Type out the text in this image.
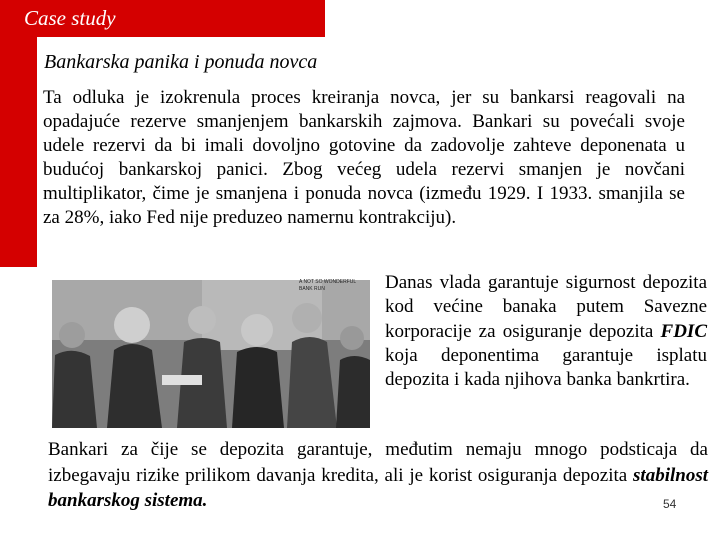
Case study
Bankarska panika i ponuda novca
Ta odluka je izokrenula proces kreiranja novca, jer su bankarsi reagovali na opadajuće rezerve smanjenjem bankarskih zajmova. Bankari su povećali svoje udele rezervi da bi imali dovoljno gotovine da zadovolje zahteve deponenata u budućoj bankarskoj panici. Zbog većeg udela rezervi smanjen je novčani multiplikator, čime je smanjena i ponuda novca (između 1929. I 1933. smanjila se za 28%, iako Fed nije preduzeo namernu kontrakciju).
A NOT SO WONDERFUL
BANK RUN	Danas vlada garantuje sigurnost depozita kod većine banaka putem Savezne korporacije za osiguranje depozita FDIC koja deponentima garantuje isplatu depozita i kada njihova banka bankrtira.
Bankari za čije se depozita garantuje, međutim nemaju mnogo podsticaja da izbegavaju rizike prilikom davanja kredita, ali je korist osiguranja depozita stabilnost bankarskog sistema.	54
